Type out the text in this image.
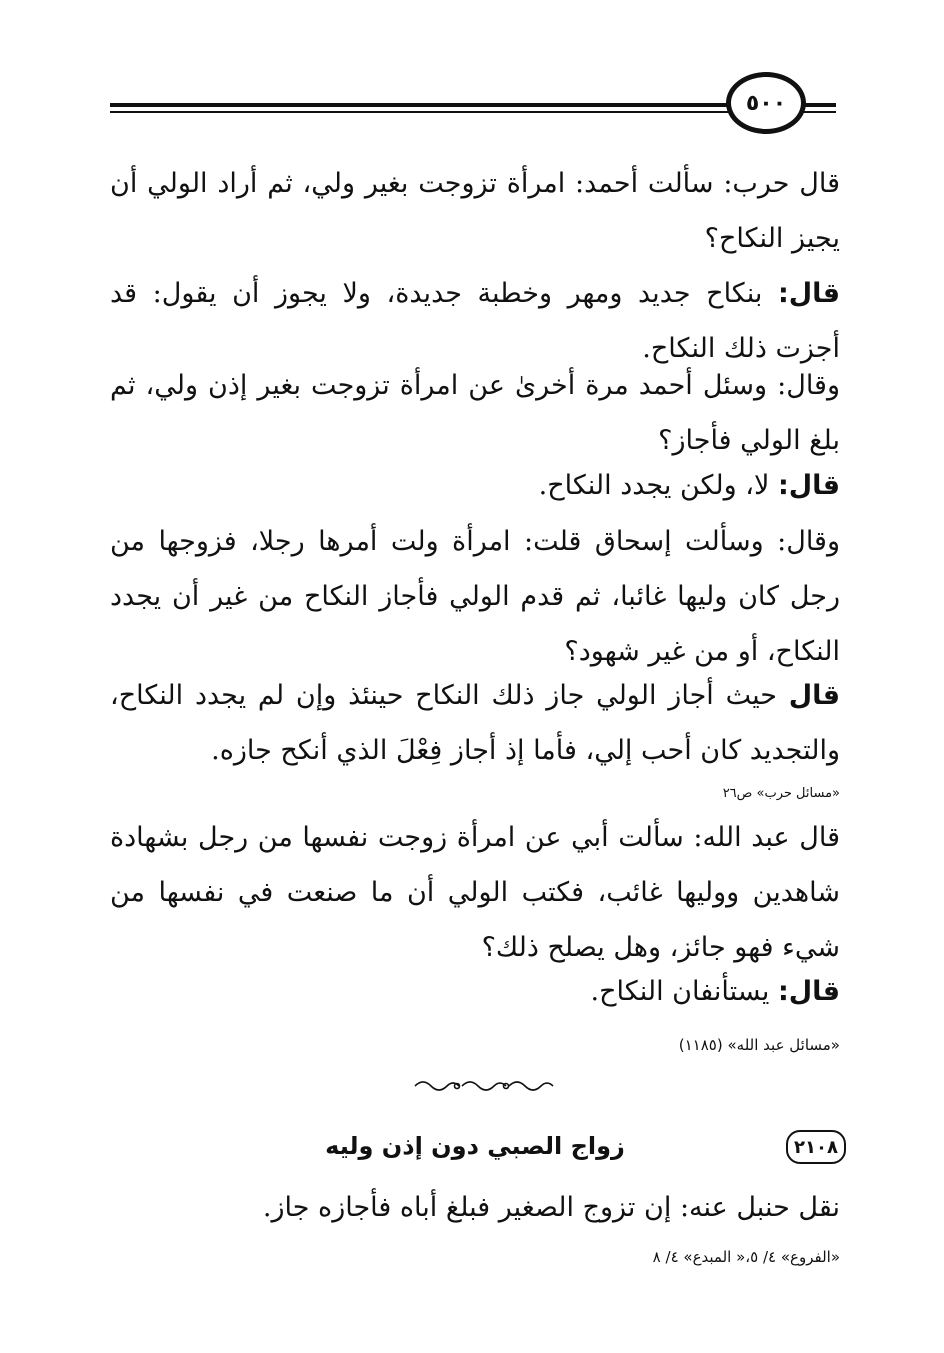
٥٠٠

قال حرب: سألت أحمد: امرأة تزوجت بغير ولي، ثم أراد الولي أن يجيز النكاح؟

قال: بنكاح جديد ومهر وخطبة جديدة، ولا يجوز أن يقول: قد أجزت ذلك النكاح.

وقال: وسئل أحمد مرة أخرىٰ عن امرأة تزوجت بغير إذن ولي، ثم بلغ الولي فأجاز؟

قال: لا، ولكن يجدد النكاح.

وقال: وسألت إسحاق قلت: امرأة ولت أمرها رجلا، فزوجها من رجل كان وليها غائبا، ثم قدم الولي فأجاز النكاح من غير أن يجدد النكاح، أو من غير شهود؟

قال حيث أجاز الولي جاز ذلك النكاح حينئذ وإن لم يجدد النكاح، والتجديد كان أحب إلي، فأما إذ أجاز فِعْلَ الذي أنكح جازه.

«مسائل حرب» ص٢٦

قال عبد الله: سألت أبي عن امرأة زوجت نفسها من رجل بشهادة شاهدين ووليها غائب، فكتب الولي أن ما صنعت في نفسها من شيء فهو جائز، وهل يصلح ذلك؟

قال: يستأنفان النكاح.

«مسائل عبد الله» (١١٨٥)
٢١٠٨
زواج الصبي دون إذن وليه

نقل حنبل عنه: إن تزوج الصغير فبلغ أباه فأجازه جاز.

«الفروع» ٤/ ٥،« المبدع» ٤/ ٨
